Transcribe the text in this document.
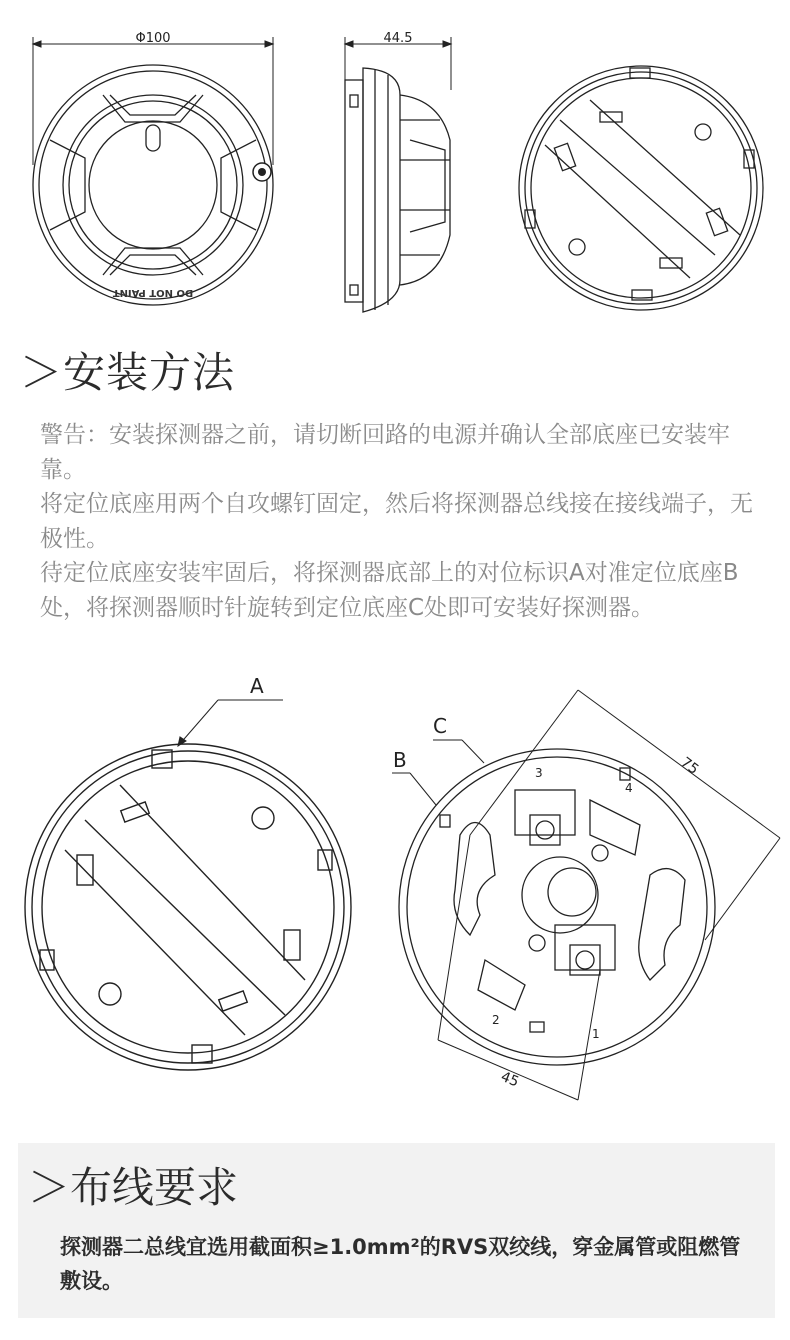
Φ100
DO NOT PAINT
44.5
＞安装方法

警告：安装探测器之前，请切断回路的电源并确认全部底座已安装牢靠。

将定位底座用两个自攻螺钉固定，然后将探测器总线接在接线端子，无极性。

待定位底座安装牢固后，将探测器底部上的对位标识A对准定位底座B处，将探测器顺时针旋转到定位底座C处即可安装好探测器。

A
3
4
2
1
75
45
B
C
＞布线要求
探测器二总线宜选用截面积≥1.0mm²的RVS双绞线，穿金属管或阻燃管敷设。
